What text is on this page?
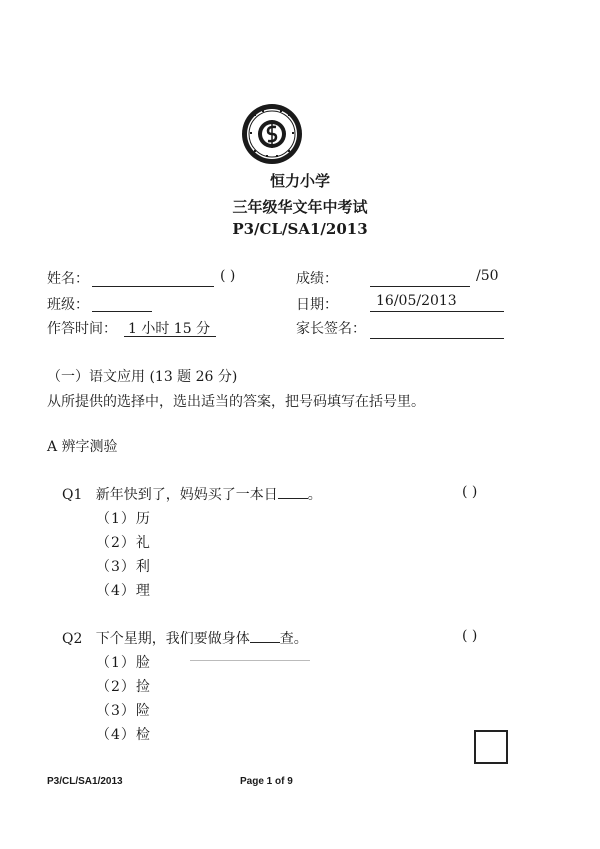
恒力小学
三年级华文年中考试
P3/CL/SA1/2013
姓名：	( )	成绩：	/50
班级：	日期：	16/05/2013
作答时间： 1 小时 15 分	家长签名：
（一）语文应用 (13 题 26 分)
从所提供的选择中，选出适当的答案，把号码填写在括号里。
A 辨字测验
Q1 新年快到了，妈妈买了一本日 。	( )
（1）历
（2）礼
（3）利
（4）理
Q2 下个星期，我们要做身体 查。	( )
（1）脸
（2）捡
（3）险
（4）检
P3/CL/SA1/2013	Page 1 of 9
